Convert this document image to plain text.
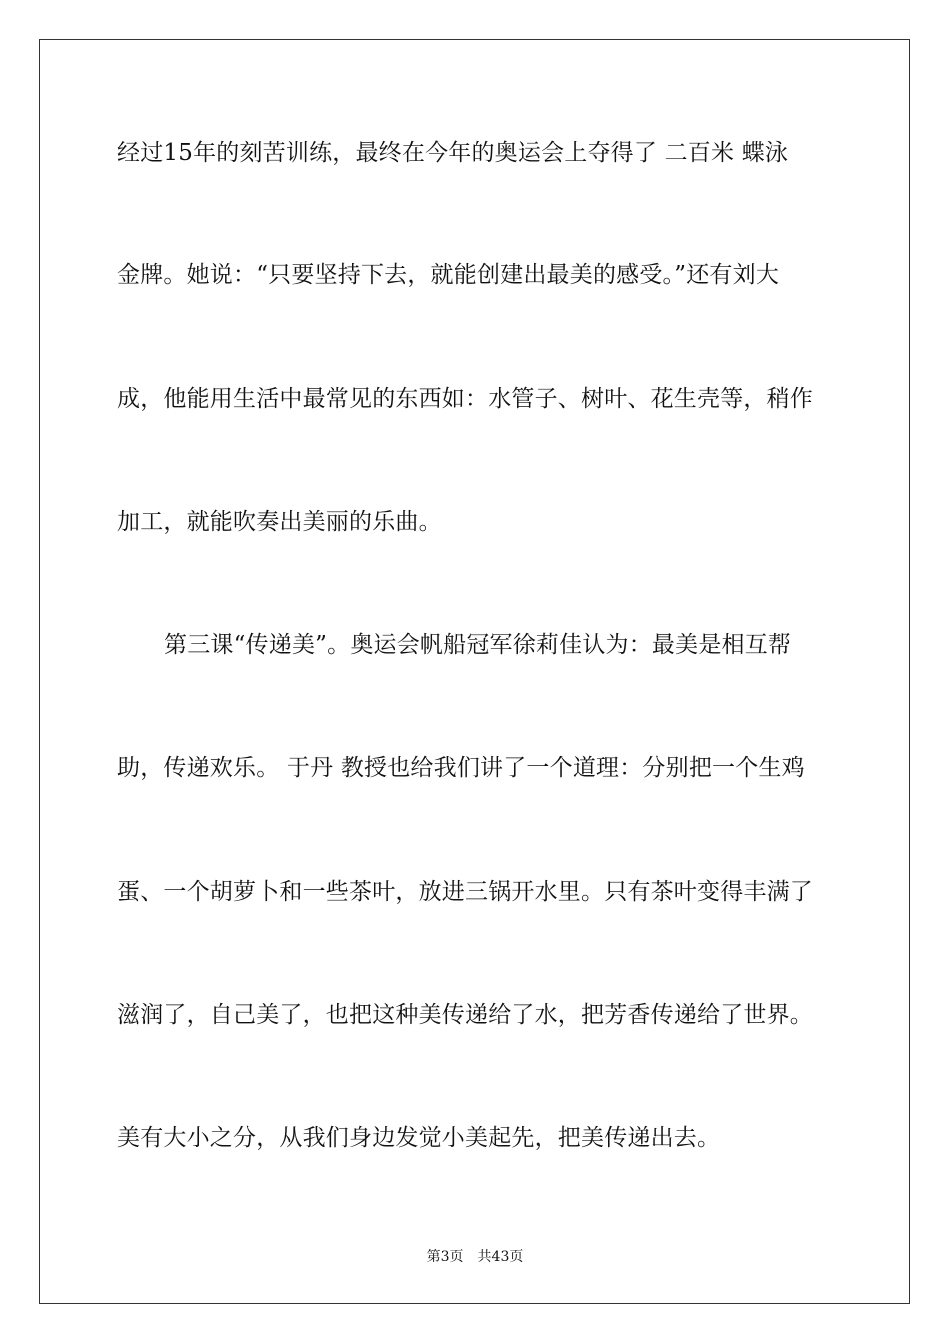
经过15年的刻苦训练，最终在今年的奥运会上夺得了 二百米 蝶泳
金牌。她说：“只要坚持下去，就能创建出最美的感受。”还有刘大
成，他能用生活中最常见的东西如：水管子、树叶、花生壳等，稍作
加工，就能吹奏出美丽的乐曲。
第三课“传递美”。奥运会帆船冠军徐莉佳认为：最美是相互帮
助，传递欢乐。 于丹 教授也给我们讲了一个道理：分别把一个生鸡
蛋、一个胡萝卜和一些茶叶，放进三锅开水里。只有茶叶变得丰满了
滋润了，自己美了，也把这种美传递给了水，把芳香传递给了世界。
美有大小之分，从我们身边发觉小美起先，把美传递出去。
第3页 共43页
